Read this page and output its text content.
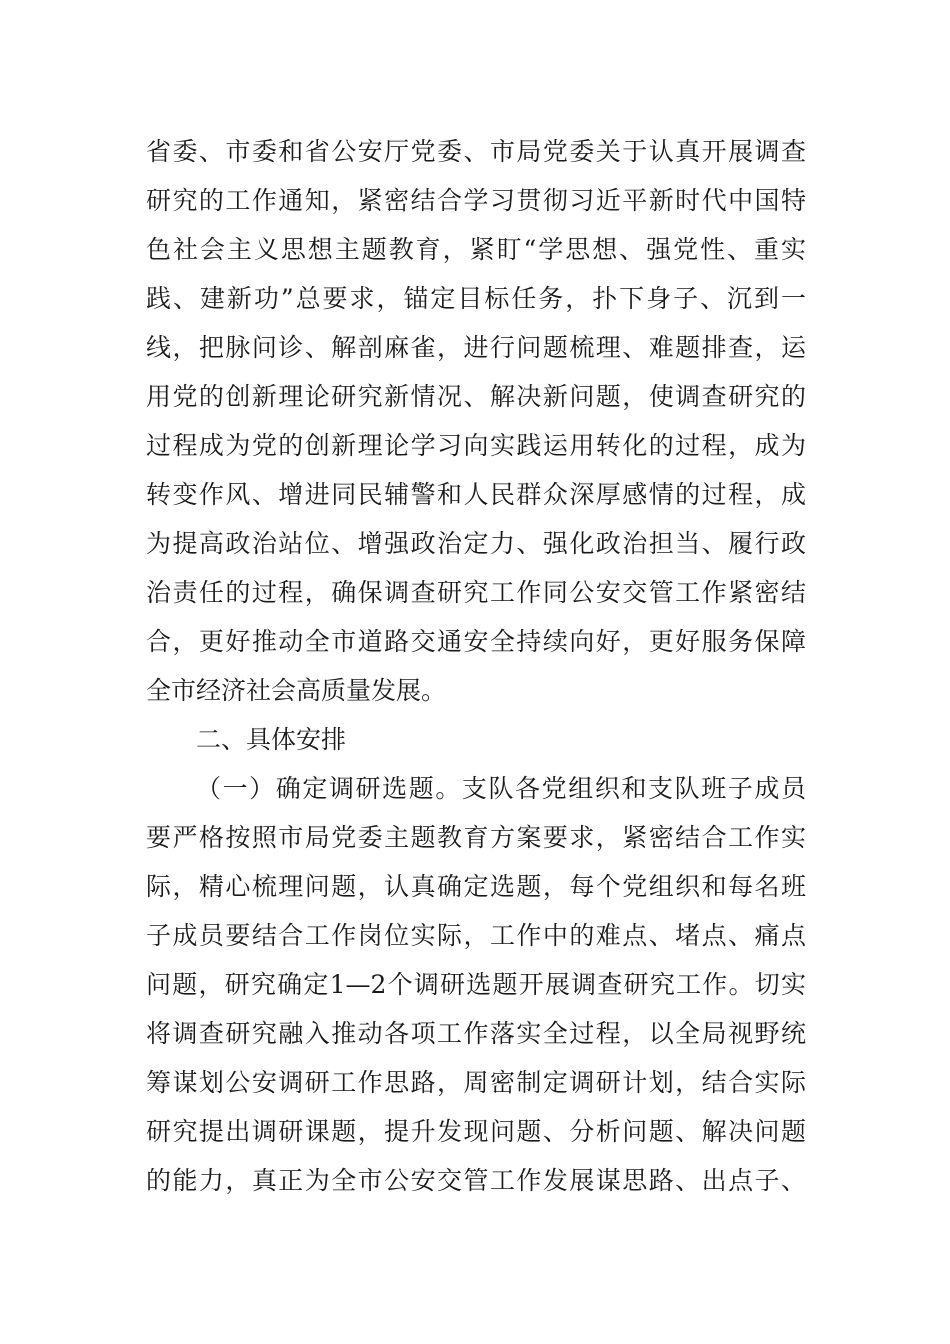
省委、市委和省公安厅党委、市局党委关于认真开展调查
研究的工作通知，紧密结合学习贯彻习近平新时代中国特
色社会主义思想主题教育，紧盯“学思想、强党性、重实
践、建新功”总要求，锚定目标任务，扑下身子、沉到一
线，把脉问诊、解剖麻雀，进行问题梳理、难题排查，运
用党的创新理论研究新情况、解决新问题，使调查研究的
过程成为党的创新理论学习向实践运用转化的过程，成为
转变作风、增进同民辅警和人民群众深厚感情的过程，成
为提高政治站位、增强政治定力、强化政治担当、履行政
治责任的过程，确保调查研究工作同公安交管工作紧密结
合，更好推动全市道路交通安全持续向好，更好服务保障
全市经济社会高质量发展。
二、具体安排
（一）确定调研选题。支队各党组织和支队班子成员
要严格按照市局党委主题教育方案要求，紧密结合工作实
际，精心梳理问题，认真确定选题，每个党组织和每名班
子成员要结合工作岗位实际，工作中的难点、堵点、痛点
问题，研究确定1—2个调研选题开展调查研究工作。切实
将调查研究融入推动各项工作落实全过程，以全局视野统
筹谋划公安调研工作思路，周密制定调研计划，结合实际
研究提出调研课题，提升发现问题、分析问题、解决问题
的能力，真正为全市公安交管工作发展谋思路、出点子、
